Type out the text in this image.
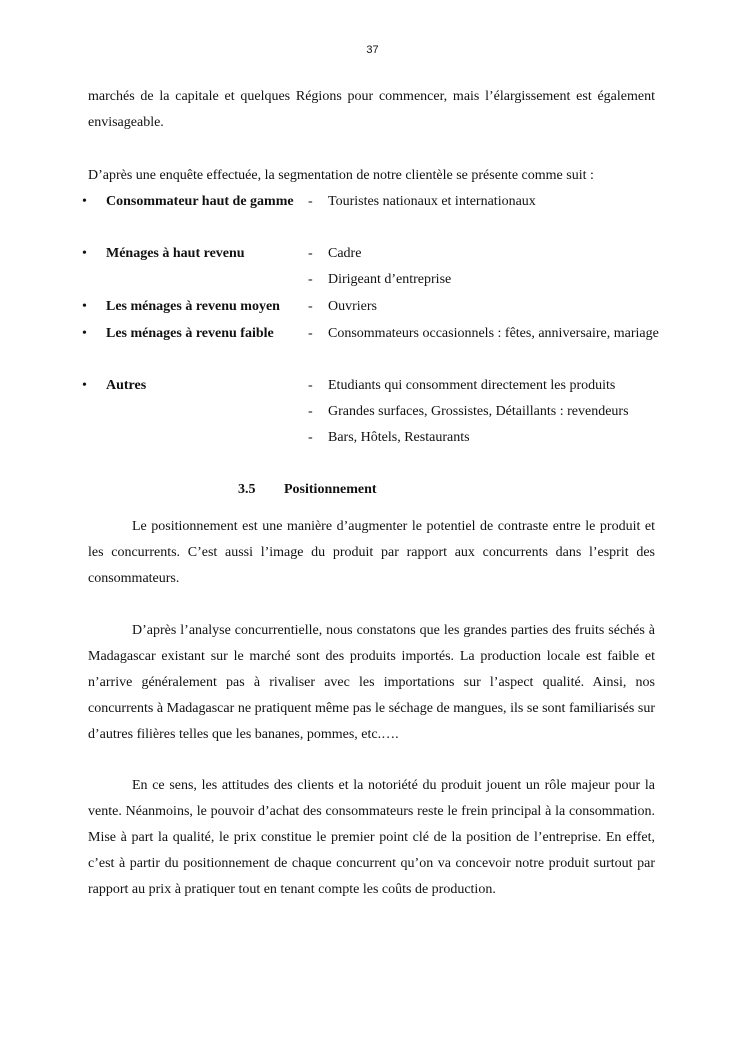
37

marchés de la capitale et quelques Régions pour commencer, mais l’élargissement est également envisageable.

D’après une enquête effectuée, la segmentation de notre clientèle se présente comme suit :

•	Consommateur haut de gamme - Touristes nationaux et internationaux
•	Ménages à haut revenu	- Cadre
- Dirigeant d’entreprise
•	Les ménages à revenu moyen	- Ouvriers
•	Les ménages à revenu faible	- Consommateurs occasionnels : fêtes, anniversaire, mariage
•	Autres	- Etudiants qui consomment directement les produits
- Grandes surfaces, Grossistes, Détaillants : revendeurs
- Bars, Hôtels, Restaurants
3.5 Positionnement

Le positionnement est une manière d’augmenter le potentiel de contraste entre le produit et les concurrents. C’est aussi l’image du produit par rapport aux concurrents dans l’esprit des consommateurs.

D’après l’analyse concurrentielle, nous constatons que les grandes parties des fruits séchés à Madagascar existant sur le marché sont des produits importés. La production locale est faible et n’arrive généralement pas à rivaliser avec les importations sur l’aspect qualité. Ainsi, nos concurrents à Madagascar ne pratiquent même pas le séchage de mangues, ils se sont familiarisés sur d’autres filières telles que les bananes, pommes, etc.….

En ce sens, les attitudes des clients et la notoriété du produit jouent un rôle majeur pour la vente. Néanmoins, le pouvoir d’achat des consommateurs reste le frein principal à la consommation. Mise à part la qualité, le prix constitue le premier point clé de la position de l’entreprise. En effet, c’est à partir du positionnement de chaque concurrent qu’on va concevoir notre produit surtout par rapport au prix à pratiquer tout en tenant compte les coûts de production.
